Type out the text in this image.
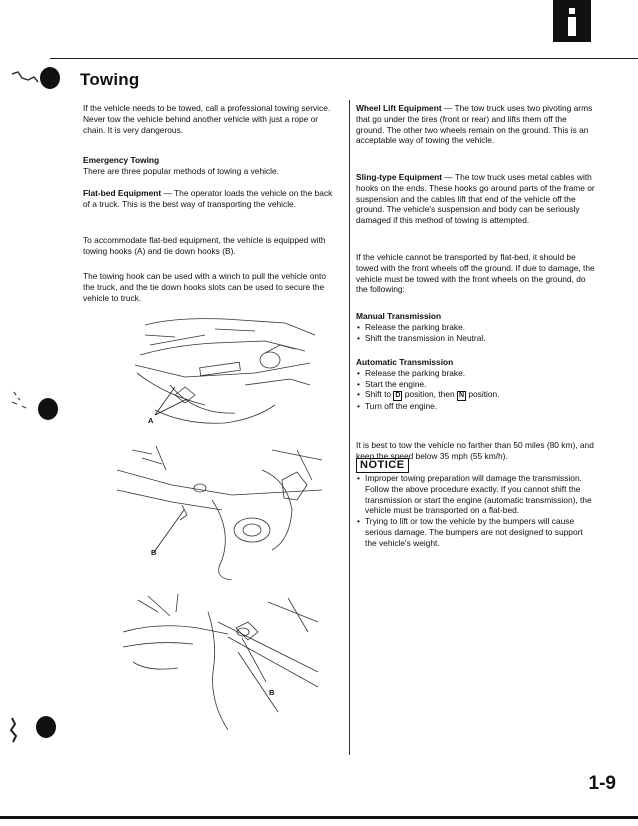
Towing

If the vehicle needs to be towed, call a professional towing service. Never tow the vehicle behind another vehicle with just a rope or chain. It is very dangerous.

Emergency Towing

There are three popular methods of towing a vehicle.

Flat-bed Equipment — The operator loads the vehicle on the back of a truck. This is the best way of transporting the vehicle.

To accommodate flat-bed equipment, the vehicle is equipped with towing hooks (A) and tie down hooks (B).

The towing hook can be used with a winch to pull the vehicle onto the truck, and the tie down hooks slots can be used to secure the vehicle to truck.

A
B
B

Wheel Lift Equipment — The tow truck uses two pivoting arms that go under the tires (front or rear) and lifts them off the ground. The other two wheels remain on the ground. This is an acceptable way of towing the vehicle.

Sling-type Equipment — The tow truck uses metal cables with hooks on the ends. These hooks go around parts of the frame or suspension and the cables lift that end of the vehicle off the ground. The vehicle's suspension and body can be seriously damaged if this method of towing is attempted.

If the vehicle cannot be transported by flat-bed, it should be towed with the front wheels off the ground. If due to damage, the vehicle must be towed with the front wheels on the ground, do the following:

Manual Transmission

• Release the parking brake.
• Shift the transmission in Neutral.

Automatic Transmission

• Release the parking brake.
• Start the engine.
• Shift to D position, then N position.
• Turn off the engine.

It is best to tow the vehicle no farther than 50 miles (80 km), and keep the speed below 35 mph (55 km/h).

NOTICE
• Improper towing preparation will damage the transmission. Follow the above procedure exactly. If you cannot shift the transmission or start the engine (automatic transmission), the vehicle must be transported on a flat-bed.
• Trying to lift or tow the vehicle by the bumpers will cause serious damage. The bumpers are not designed to support the vehicle's weight.
1-9
